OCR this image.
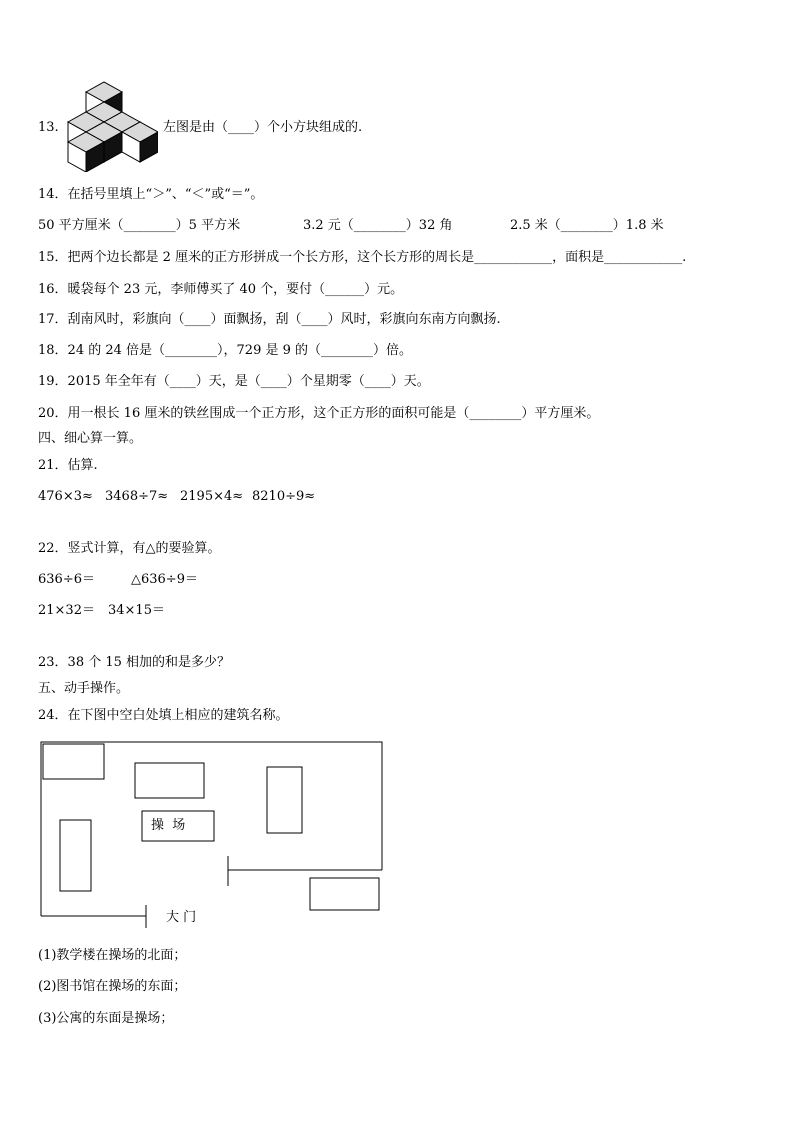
13.	左图是由（____）个小方块组成的.
14．在括号里填上“＞”、“＜”或“＝”。
50 平方厘米（________）5 平方米	3.2 元（________）32 角	2.5 米（________）1.8 米
15．把两个边长都是 2 厘米的正方形拼成一个长方形，这个长方形的周长是____________，面积是____________.
16．暖袋每个 23 元，李师傅买了 40 个，要付（______）元。
17．刮南风时，彩旗向（____）面飘扬，刮（____）风时，彩旗向东南方向飘扬.
18．24 的 24 倍是（________），729 是 9 的（________）倍。
19．2015 年全年有（____）天，是（____）个星期零（____）天。
20．用一根长 16 厘米的铁丝围成一个正方形，这个正方形的面积可能是（________）平方厘米。
四、细心算一算。
21．估算.
476×3≈ 3468÷7≈ 2195×4≈ 8210÷9≈
22．竖式计算，有△的要验算。
636÷6＝	△636÷9＝
21×32＝ 34×15＝
23．38 个 15 相加的和是多少？
五、动手操作。
24．在下图中空白处填上相应的建筑名称。
操  场
大 门
(1)教学楼在操场的北面；
(2)图书馆在操场的东面；
(3)公寓的东面是操场；
